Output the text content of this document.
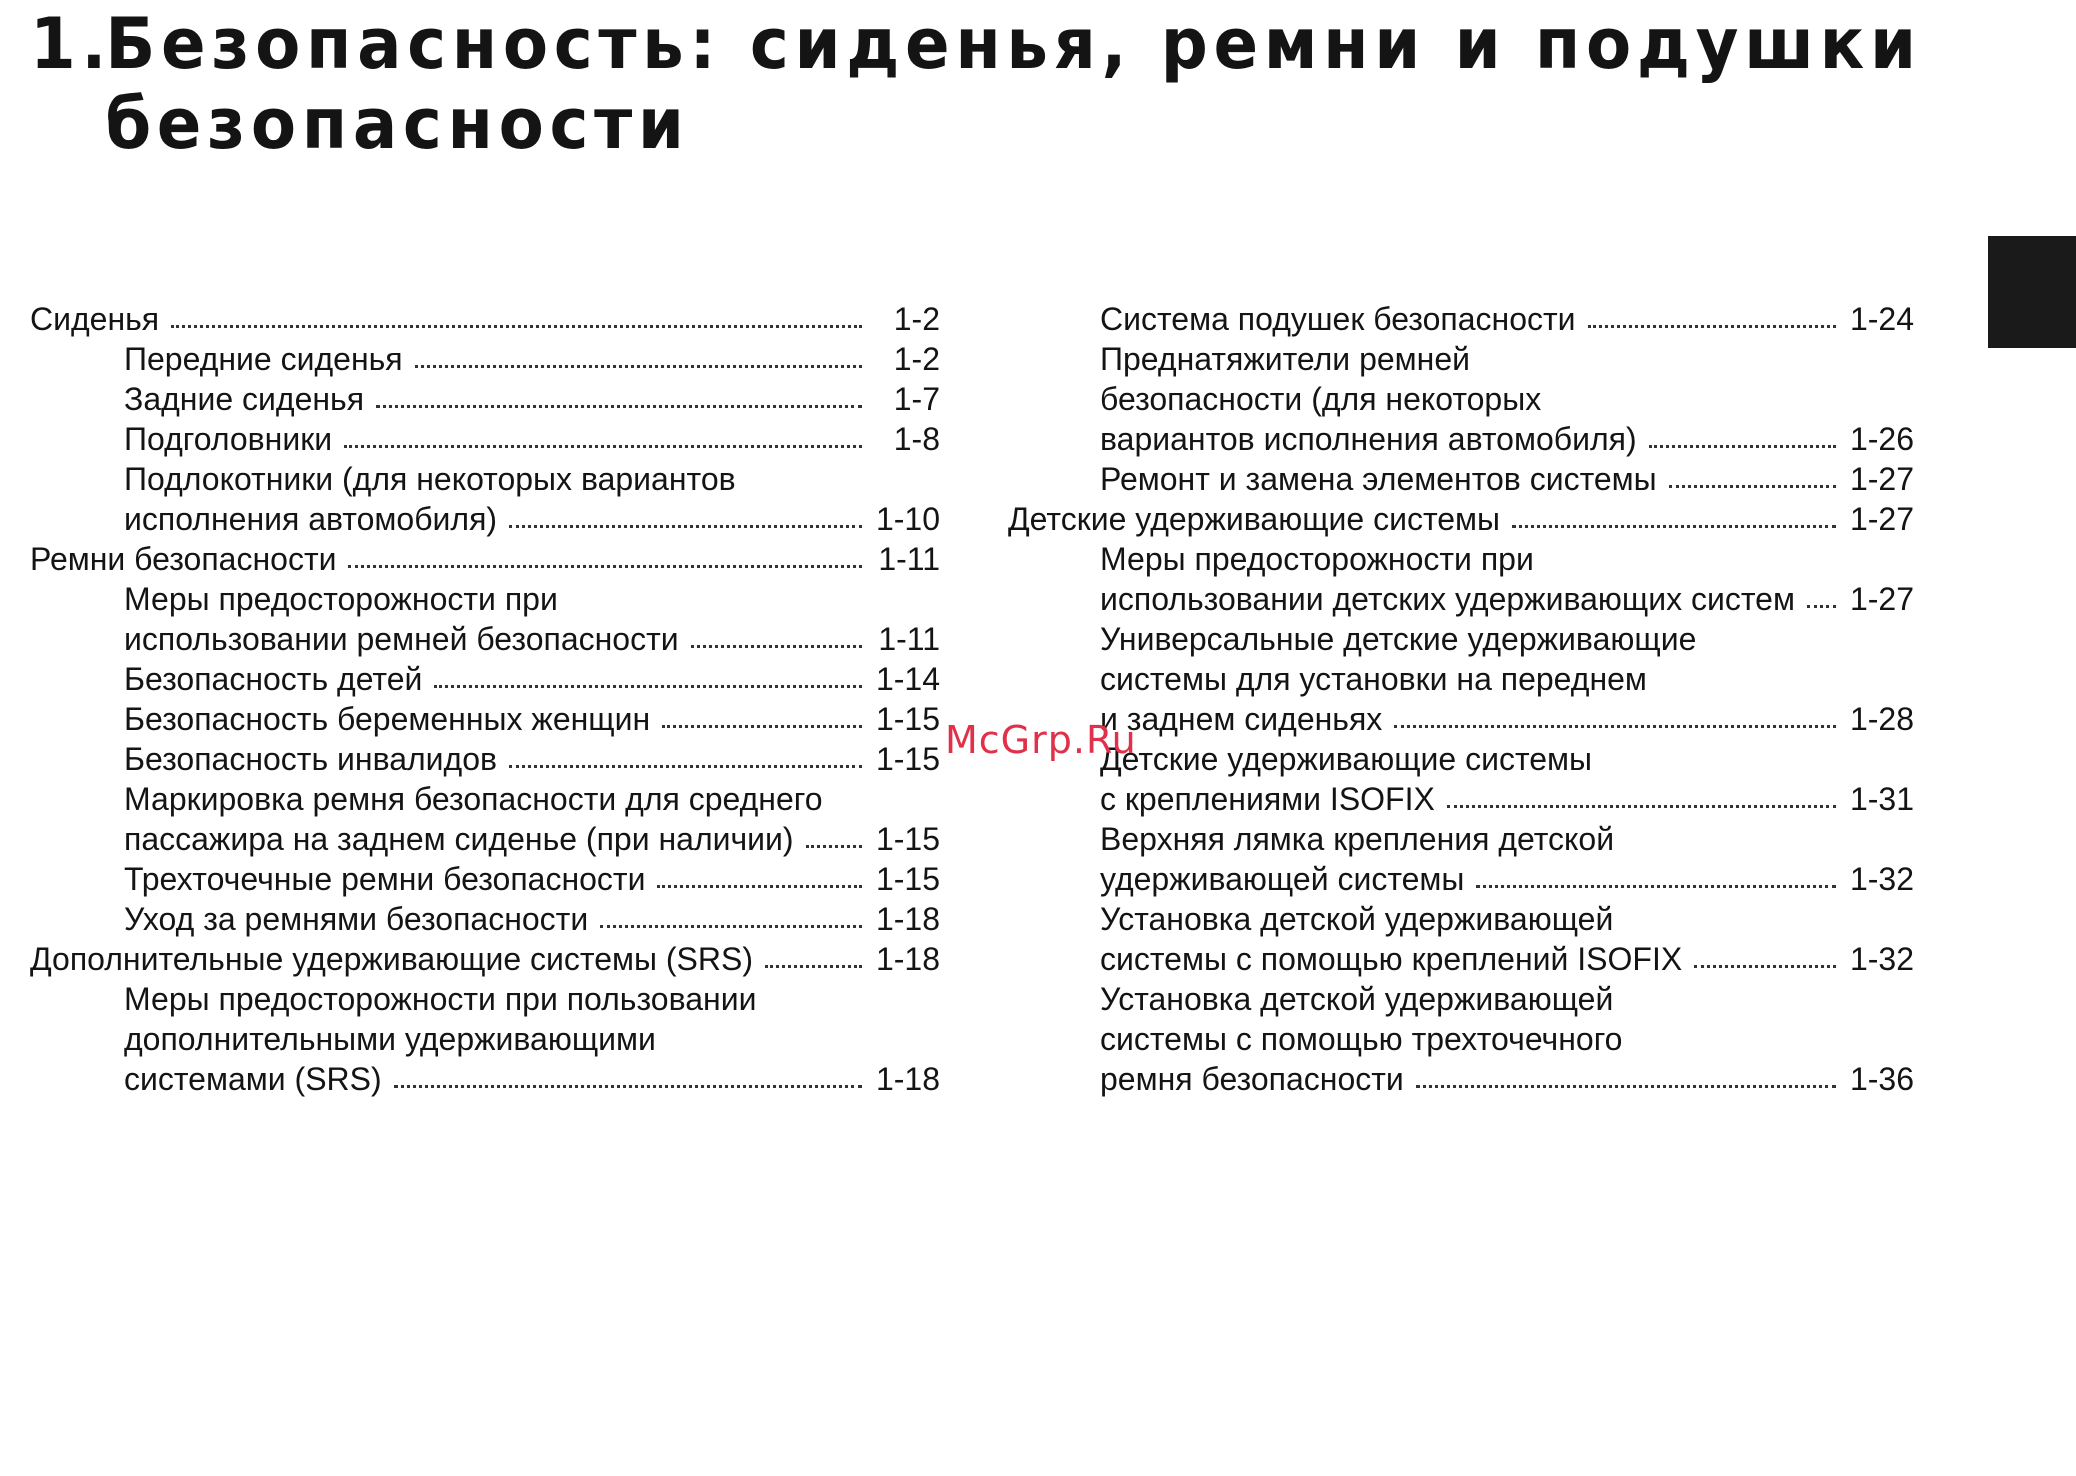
1.Безопасность: сиденья, ремни и подушки
безопасности
Сиденья	1-2
Передние сиденья	1-2
Задние сиденья	1-7
Подголовники	1-8
Подлокотники (для некоторых вариантов
исполнения автомобиля)	1-10
Ремни безопасности	1-11
Меры предосторожности при
использовании ремней безопасности	1-11
Безопасность детей	1-14
Безопасность беременных женщин	1-15
Безопасность инвалидов	1-15
Маркировка ремня безопасности для среднего
пассажира на заднем сиденье (при наличии)	1-15
Трехточечные ремни безопасности	1-15
Уход за ремнями безопасности	1-18
Дополнительные удерживающие системы (SRS)	1-18
Меры предосторожности при пользовании
дополнительными удерживающими
системами (SRS)	1-18
Система подушек безопасности	1-24
Преднатяжители ремней
безопасности (для некоторых
вариантов исполнения автомобиля)	1-26
Ремонт и замена элементов системы	1-27
Детские удерживающие системы	1-27
Меры предосторожности при
использовании детских удерживающих систем 1-27
Универсальные детские удерживающие
системы для установки на переднем
и заднем сиденьях	1-28
Детские удерживающие системы
с креплениями ISOFIX	1-31
Верхняя лямка крепления детской
удерживающей системы	1-32
Установка детской удерживающей
системы с помощью креплений ISOFIX	1-32
Установка детской удерживающей
системы с помощью трехточечного
ремня безопасности	1-36
McGrp.Ru
